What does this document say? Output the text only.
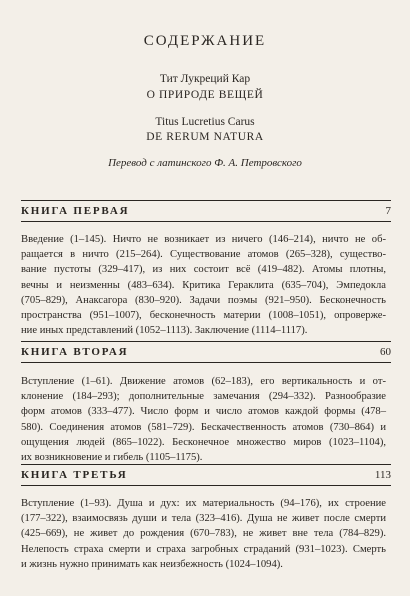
СОДЕРЖАНИЕ
Тит Лукреций Кар
О ПРИРОДЕ ВЕЩЕЙ
Titus Lucretius Carus
DE RERUM NATURA
Перевод с латинского Ф. А. Петровского
КНИГА ПЕРВАЯ	7
Введение (1–145). Ничто не возникает из ничего (146–214), ничто не об-
ращается в ничто (215–264). Существование атомов (265–328), существо-
вание пустоты (329–417), из них состоит всё (419–482). Атомы плотны,
вечны и неизменны (483–634). Критика Гераклита (635–704), Эмпедокла
(705–829), Анаксагора (830–920). Задачи поэмы (921–950). Бесконечность
пространства (951–1007), бесконечность материи (1008–1051), опроверже-
ние иных представлений (1052–1113). Заключение (1114–1117).
КНИГА ВТОРАЯ	60
Вступление (1–61). Движение атомов (62–183), его вертикальность и от-
клонение (184–293); дополнительные замечания (294–332). Разнообразие
форм атомов (333–477). Число форм и число атомов каждой формы (478–
580). Соединения атомов (581–729). Бескачественность атомов (730–864) и
ощущения людей (865–1022). Бесконечное множество миров (1023–1104),
их возникновение и гибель (1105–1175).
КНИГА ТРЕТЬЯ	113
Вступление (1–93). Душа и дух: их материальность (94–176), их строение
(177–322), взаимосвязь души и тела (323–416). Душа не живет после смерти
(425–669), не живет до рождения (670–783), не живет вне тела (784–829).
Нелепость страха смерти и страха загробных страданий (931–1023). Смерть
и жизнь нужно принимать как неизбежность (1024–1094).
